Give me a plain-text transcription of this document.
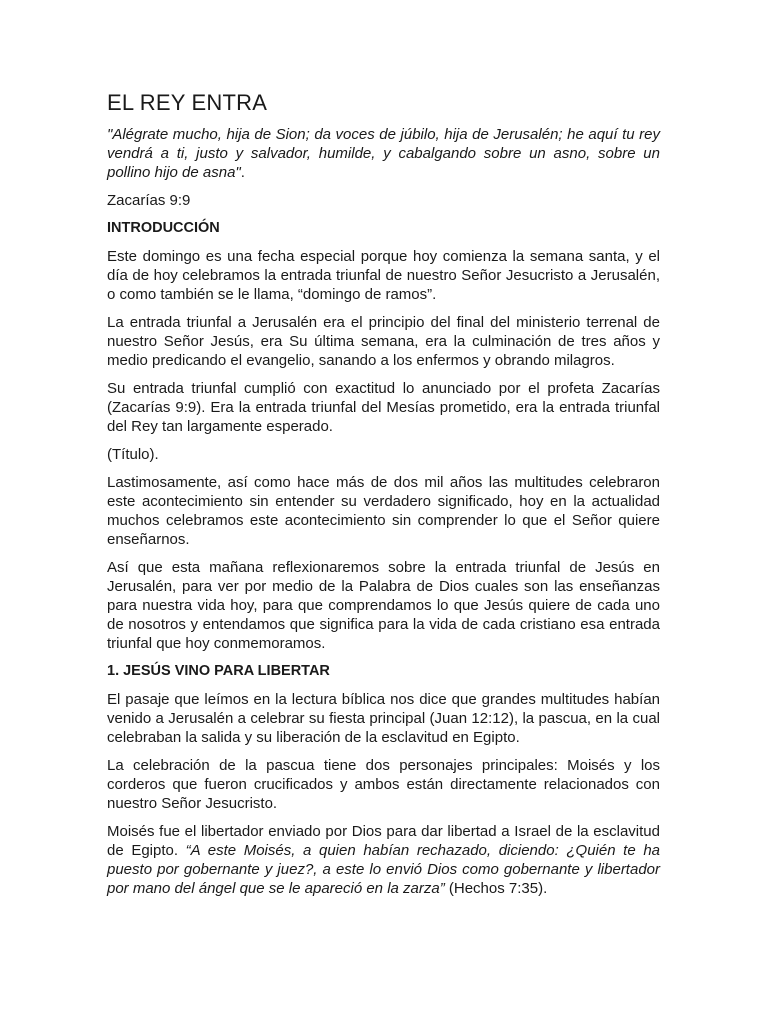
EL REY ENTRA

"Alégrate mucho, hija de Sion; da voces de júbilo, hija de Jerusalén; he aquí tu rey vendrá a ti, justo y salvador, humilde, y cabalgando sobre un asno, sobre un pollino hijo de asna".

Zacarías 9:9

INTRODUCCIÓN

Este domingo es una fecha especial porque hoy comienza la semana santa, y el día de hoy celebramos la entrada triunfal de nuestro Señor Jesucristo a Jerusalén, o como también se le llama, “domingo de ramos”.

La entrada triunfal a Jerusalén era el principio del final del ministerio terrenal de nuestro Señor Jesús, era Su última semana, era la culminación de tres años y medio predicando el evangelio, sanando a los enfermos y obrando milagros.

Su entrada triunfal cumplió con exactitud lo anunciado por el profeta Zacarías (Zacarías 9:9). Era la entrada triunfal del Mesías prometido, era la entrada triunfal del Rey tan largamente esperado.

(Título).

Lastimosamente, así como hace más de dos mil años las multitudes celebraron este acontecimiento sin entender su verdadero significado, hoy en la actualidad muchos celebramos este acontecimiento sin comprender lo que el Señor quiere enseñarnos.

Así que esta mañana reflexionaremos sobre la entrada triunfal de Jesús en Jerusalén, para ver por medio de la Palabra de Dios cuales son las enseñanzas para nuestra vida hoy, para que comprendamos lo que Jesús quiere de cada uno de nosotros y entendamos que significa para la vida de cada cristiano esa entrada triunfal que hoy conmemoramos.

1. JESÚS VINO PARA LIBERTAR

El pasaje que leímos en la lectura bíblica nos dice que grandes multitudes habían venido a Jerusalén a celebrar su fiesta principal (Juan 12:12), la pascua, en la cual celebraban la salida y su liberación de la esclavitud en Egipto.

La celebración de la pascua tiene dos personajes principales: Moisés y los corderos que fueron crucificados y ambos están directamente relacionados con nuestro Señor Jesucristo.

Moisés fue el libertador enviado por Dios para dar libertad a Israel de la esclavitud de Egipto. “A este Moisés, a quien habían rechazado, diciendo: ¿Quién te ha puesto por gobernante y juez?, a este lo envió Dios como gobernante y libertador por mano del ángel que se le apareció en la zarza” (Hechos 7:35).
